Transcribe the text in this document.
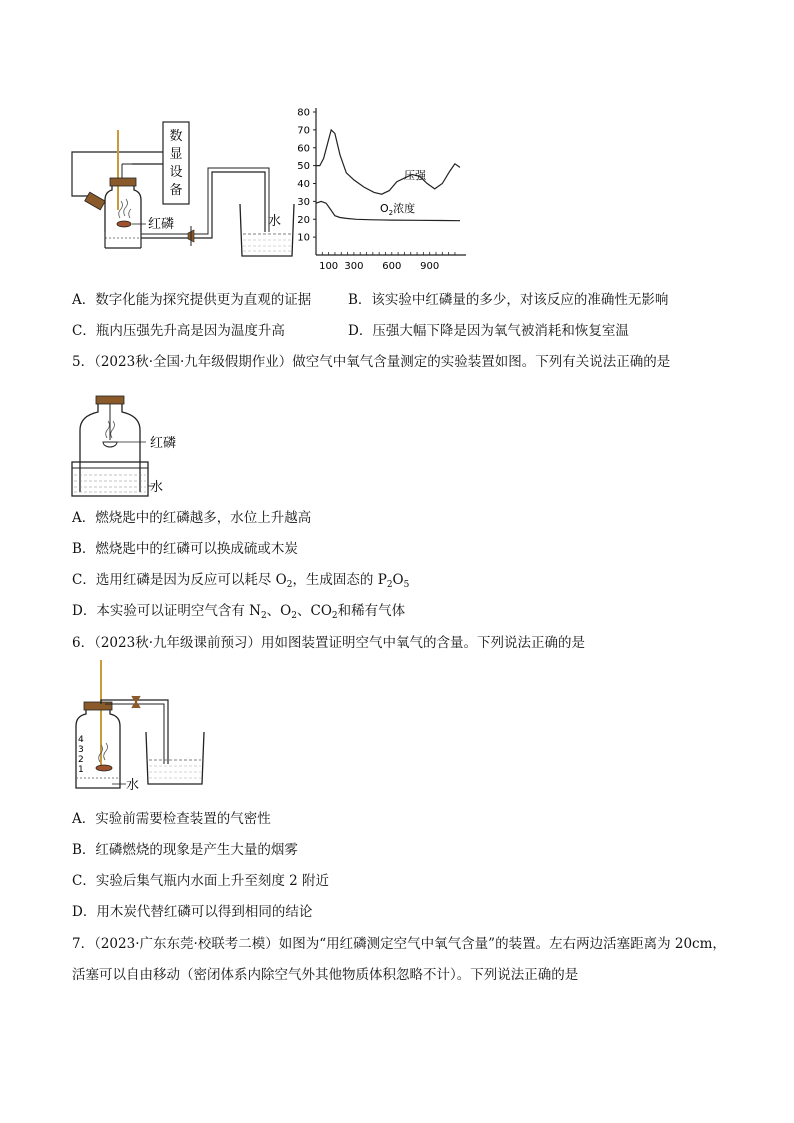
数
显
设
备
红磷	水
10
20
30
40
50
60
70
80
100 300 600 900
压强
$O_2$浓度
A．数字化能为探究提供更为直观的证据	B．该实验中红磷量的多少，对该反应的准确性无影响
C．瓶内压强先升高是因为温度升高	D．压强大幅下降是因为氧气被消耗和恢复室温
5．（2023秋·全国·九年级假期作业）做空气中氧气含量测定的实验装置如图。下列有关说法正确的是
红磷
水
A．燃烧匙中的红磷越多，水位上升越高
B．燃烧匙中的红磷可以换成硫或木炭
C．选用红磷是因为反应可以耗尽 $O_2$，生成固态的 $P_2O_5$
D．本实验可以证明空气含有 $N_2$、$O_2$、$CO_2$和稀有气体
6．（2023秋·九年级课前预习）用如图装置证明空气中氧气的含量。下列说法正确的是
4
3
2
1
水
A．实验前需要检查装置的气密性
B．红磷燃烧的现象是产生大量的烟雾
C．实验后集气瓶内水面上升至刻度 2 附近
D．用木炭代替红磷可以得到相同的结论
7．（2023·广东东莞·校联考二模）如图为“用红磷测定空气中氧气含量”的装置。左右两边活塞距离为 20cm，
活塞可以自由移动（密闭体系内除空气外其他物质体积忽略不计）。下列说法正确的是
